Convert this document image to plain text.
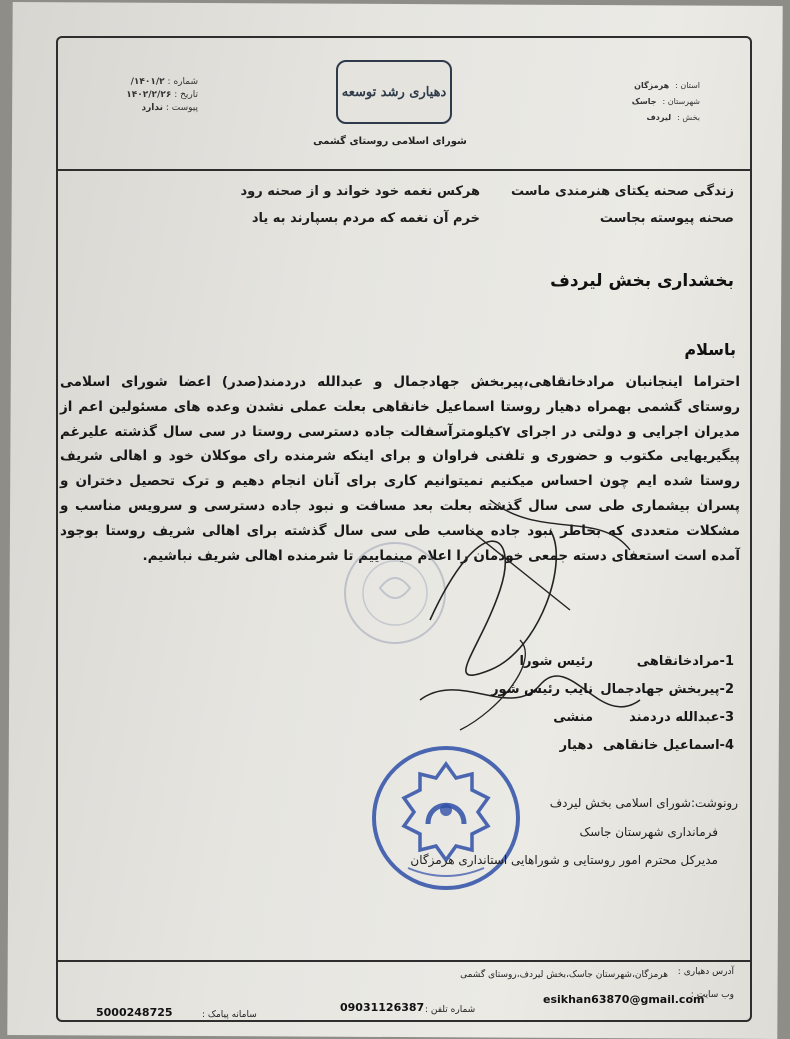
استان :هرمزگان
شهرستان :جاسک
بخش :لیردف
شماره : ۱۴۰۱/۲/
تاریخ : ۱۴۰۲/۲/۲۶
پیوست : ندارد
دهیاری رشد توسعه
شورای اسلامی روستای گشمی
زندگی صحنه یکتای هنرمندی ماست
هرکس نغمه خود خواند و از صحنه رود
صحنه پیوسته بجاست
خرم آن نغمه که مردم بسپارند به یاد
بخشداری بخش لیردف
باسلام
احتراما اینجانبان مرادخانقاهی،پیربخش جهادجمال و عبدالله دردمند(صدر) اعضا شورای اسلامی روستای گشمی بهمراه دهیار روستا اسماعیل خانقاهی بعلت عملی نشدن وعده های مسئولین اعم از مدیران اجرایی و دولتی در اجرای ۷کیلومترآسفالت جاده دسترسی روستا در سی سال گذشته علیرغم پیگیریهایی مکتوب و حضوری و تلفنی فراوان و برای اینکه شرمنده رای موکلان خود و اهالی شریف روستا شده ایم چون احساس میکنیم نمیتوانیم کاری برای آنان انجام دهیم و ترک تحصیل دختران و پسران بیشماری طی سی سال گذشته بعلت بعد مسافت و نبود جاده دسترسی و سرویس مناسب و مشکلات متعددی که بخاطر نبود جاده مناسب طی سی سال گذشته برای اهالی شریف روستا بوجود آمده است استعفای دسته جمعی خودمان را اعلام مینماییم تا شرمنده اهالی شریف نباشیم.
1-مرادخانقاهی
رئیس شورا
2-پیربخش جهادجمال
نایب رئیس شور
3-عبدالله دردمند
منشی
4-اسماعیل خانقاهی
دهیار
رونوشت:شورای اسلامی بخش لیردف
فرمانداری شهرستان جاسک
مدیرکل محترم امور روستایی و شوراهایی استانداری هرمزگان
آدرس دهیاری :
هرمزگان،شهرستان جاسک،بخش لیردف،روستای گشمی
وب سایت :
esikhan63870@gmail.com
شماره تلفن :
09031126387
سامانه پیامک :
5000248725
